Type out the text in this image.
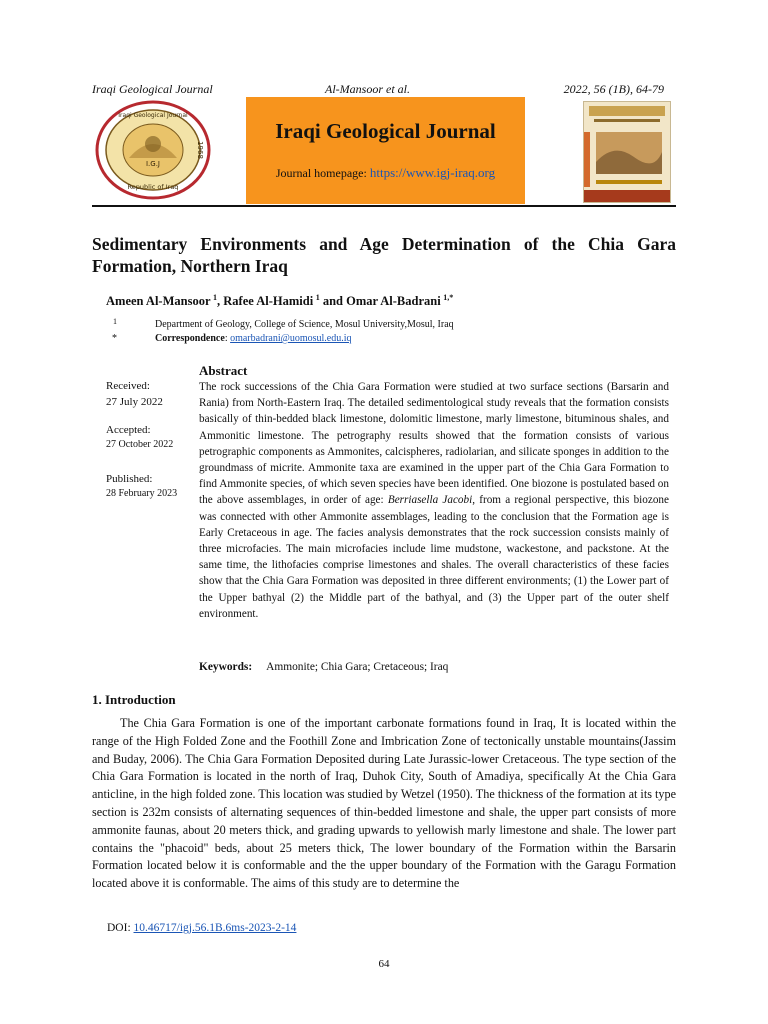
Iraqi Geological Journal	Al-Mansoor et al.	2022, 56 (1B), 64-79
I.G.J
Iraqi Geological Journal
Republic of Iraq
1968
Iraqi Geological Journal
Journal homepage: https://www.igj-iraq.org
Sedimentary Environments and Age Determination of the Chia Gara Formation, Northern Iraq
Ameen Al-Mansoor  $^1$, Rafee Al-Hamidi  $^1$ and Omar Al-Badrani  $^{1,*}$
1	Department of Geology, College of Science, Mosul University,Mosul, Iraq
*	Correspondence: omarbadrani@uomosul.edu.iq
Received:
27 July 2022
Accepted:
27 October 2022
Published:
28 February 2023
Abstract
The rock successions of the Chia Gara Formation were studied at two surface sections (Barsarin and Rania) from North-Eastern Iraq. The detailed sedimentological study reveals that the formation consists basically of thin-bedded black limestone, dolomitic limestone, marly limestone, bituminous shales, and Ammonitic limestone. The petrography results showed that the formation consists of various petrographic components as Ammonites, calcispheres, radiolarian, and silicate sponges in addition to the groundmass of micrite. Ammonite taxa are examined in the upper part of the Chia Gara Formation to find Ammonite species, of which seven species have been identified. One biozone is postulated based on the above assemblages, in order of age: Berriasella Jacobi, from a regional perspective, this biozone was connected with other Ammonite assemblages, leading to the conclusion that the Formation age is Early Cretaceous in age. The facies analysis demonstrates that the rock succession consists mainly of three microfacies. The main microfacies include lime mudstone, wackestone, and packstone. At the same time, the lithofacies comprise limestones and shales. The overall characteristics of these facies show that the Chia Gara Formation was deposited in three different environments; (1) the Lower part of the Upper bathyal (2) the Middle part of the bathyal, and (3) the Upper part of the outer shelf environment.
Keywords: Ammonite; Chia Gara; Cretaceous; Iraq
1. Introduction
The Chia Gara Formation is one of the important carbonate formations found in Iraq, It is located within the range of the High Folded Zone and the Foothill Zone and Imbrication Zone of tectonically unstable mountains(Jassim and Buday, 2006). The Chia Gara Formation Deposited during Late Jurassic-lower Cretaceous. The type section of the Chia Gara Formation is located in the north of Iraq, Duhok City, South of Amadiya, specifically At the Chia Gara anticline, in the high folded zone. This location was studied by Wetzel (1950). The thickness of the formation at its type section is 232m consists of alternating sequences of thin-bedded limestone and shale, the upper part consists of more ammonite faunas, about 20 meters thick, and grading upwards to yellowish marly limestone and shale. The lower part contains the "phacoid" beds, about 25 meters thick, The lower boundary of the Formation within the Barsarin Formation located below it is conformable and the the upper boundary of the Formation with the Garagu Formation located above it is conformable. The aims of this study are to determine the
DOI: 10.46717/igj.56.1B.6ms-2023-2-14
64
